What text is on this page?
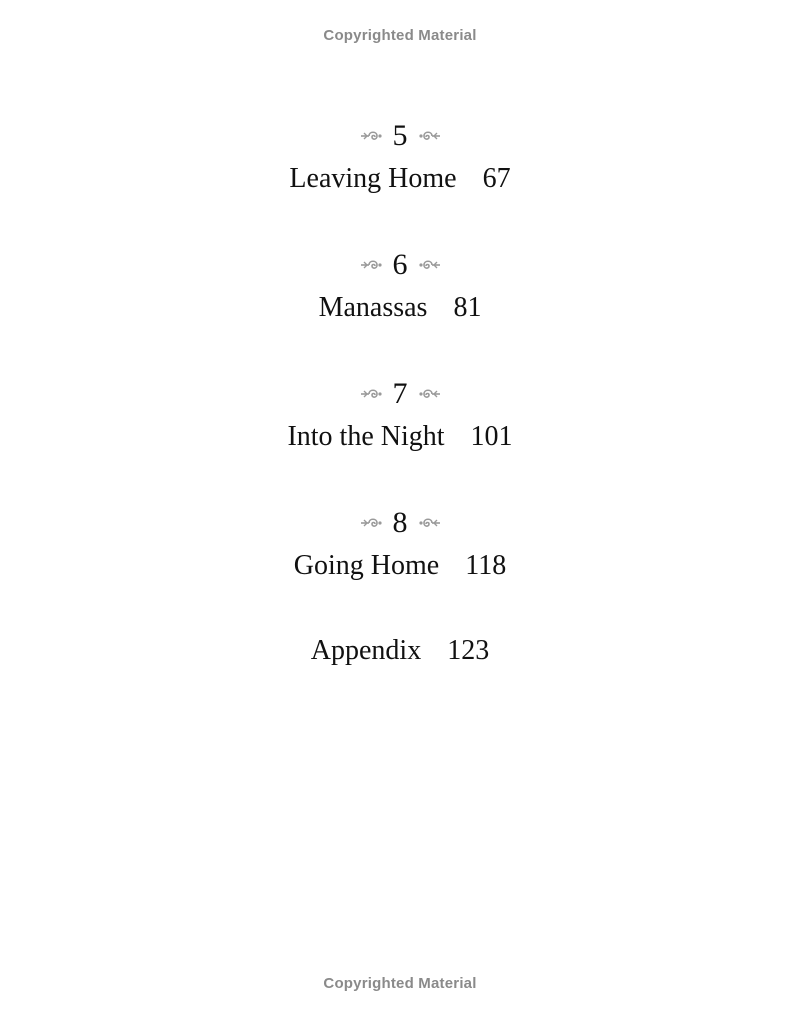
Copyrighted Material
5
Leaving Home 67
6
Manassas 81
7
Into the Night 101
8
Going Home 118
Appendix 123
Copyrighted Material
